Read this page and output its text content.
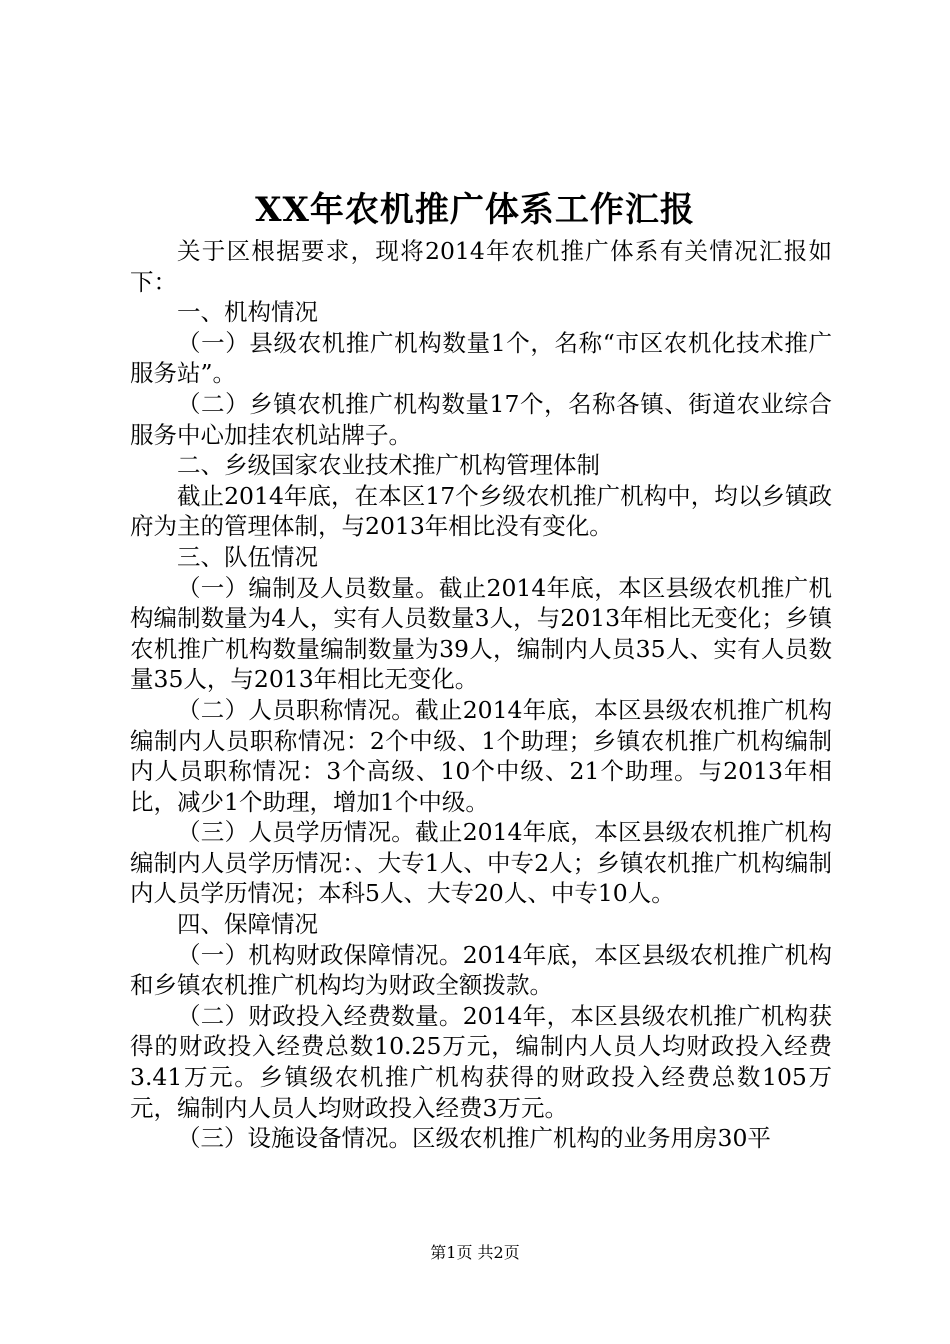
XX年农机推广体系工作汇报

关于区根据要求，现将2014年农机推广体系有关情况汇报如下：

一、机构情况

（一）县级农机推广机构数量1个，名称“市区农机化技术推广服务站”。

（二）乡镇农机推广机构数量17个，名称各镇、街道农业综合服务中心加挂农机站牌子。

二、乡级国家农业技术推广机构管理体制

截止2014年底，在本区17个乡级农机推广机构中，均以乡镇政府为主的管理体制，与2013年相比没有变化。

三、队伍情况

（一）编制及人员数量。截止2014年底，本区县级农机推广机构编制数量为4人，实有人员数量3人，与2013年相比无变化；乡镇农机推广机构数量编制数量为39人，编制内人员35人、实有人员数量35人，与2013年相比无变化。

（二）人员职称情况。截止2014年底，本区县级农机推广机构编制内人员职称情况：2个中级、1个助理；乡镇农机推广机构编制内人员职称情况：3个高级、10个中级、21个助理。与2013年相比，减少1个助理，增加1个中级。

（三）人员学历情况。截止2014年底，本区县级农机推广机构编制内人员学历情况：、大专1人、中专2人；乡镇农机推广机构编制内人员学历情况；本科5人、大专20人、中专10人。

四、保障情况

（一）机构财政保障情况。2014年底，本区县级农机推广机构和乡镇农机推广机构均为财政全额拨款。

（二）财政投入经费数量。2014年，本区县级农机推广机构获得的财政投入经费总数10.25万元，编制内人员人均财政投入经费3.41万元。乡镇级农机推广机构获得的财政投入经费总数105万元，编制内人员人均财政投入经费3万元。

（三）设施设备情况。区级农机推广机构的业务用房30平

第1页 共2页
